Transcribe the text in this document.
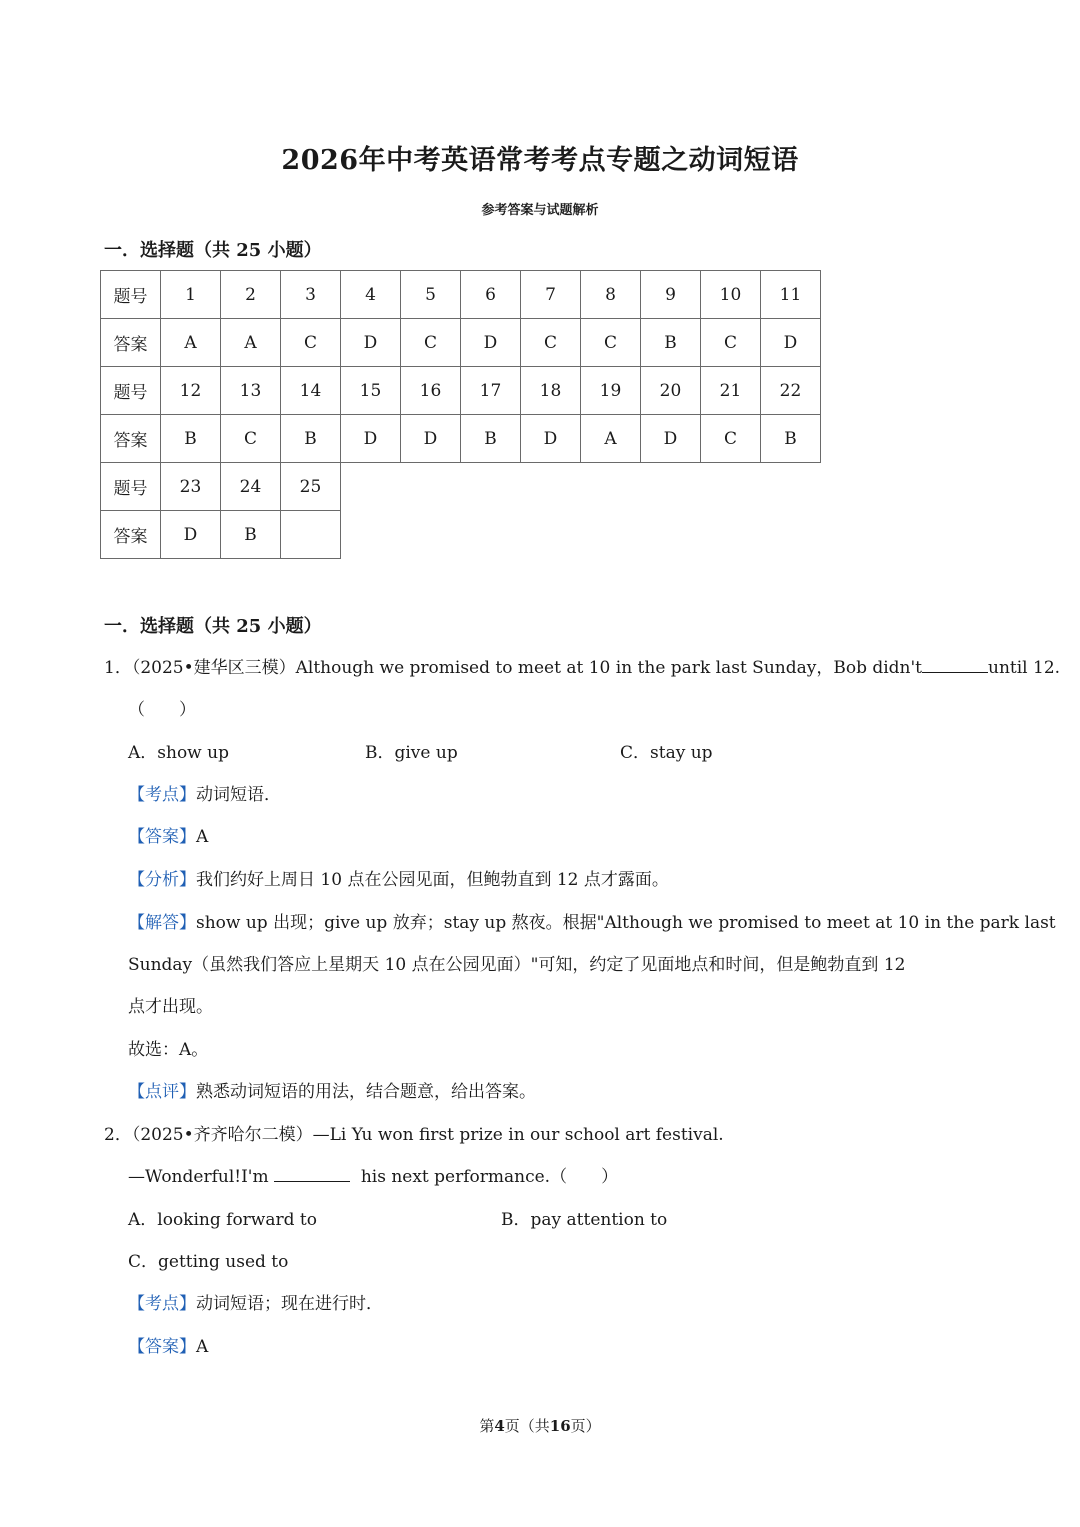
2026年中考英语常考考点专题之动词短语
参考答案与试题解析
一．选择题（共 25 小题）
题号	1	2	3	4	5	6	7	8	9	10	11
答案	A	A	C	D	C	D	C	C	B	C	D
题号	12	13	14	15	16	17	18	19	20	21	22
答案	B	C	B	D	D	B	D	A	D	C	B
题号	23	24	25								
答案	D	B									
一．选择题（共 25 小题）
1．（2025•建华区三模）Although we promised to meet at 10 in the park last Sunday，Bob didn't	until 12.
（　　）
A．show up	B．give up	C．stay up
【考点】动词短语．
【答案】A
【分析】我们约好上周日 10 点在公园见面，但鲍勃直到 12 点才露面。
【解答】show up 出现；give up 放弃；stay up 熬夜。根据"Although we promised to meet at 10 in the park last
Sunday（虽然我们答应上星期天 10 点在公园见面）"可知，约定了见面地点和时间，但是鲍勃直到 12
点才出现。
故选：A。
【点评】熟悉动词短语的用法，结合题意，给出答案。
2．（2025•齐齐哈尔二模）—Li Yu won first prize in our school art festival.
—Wonderful!I'm	his next performance.（　　）
A．looking forward to	B．pay attention to
C．getting used to
【考点】动词短语；现在进行时．
【答案】A
第4页（共16页）
